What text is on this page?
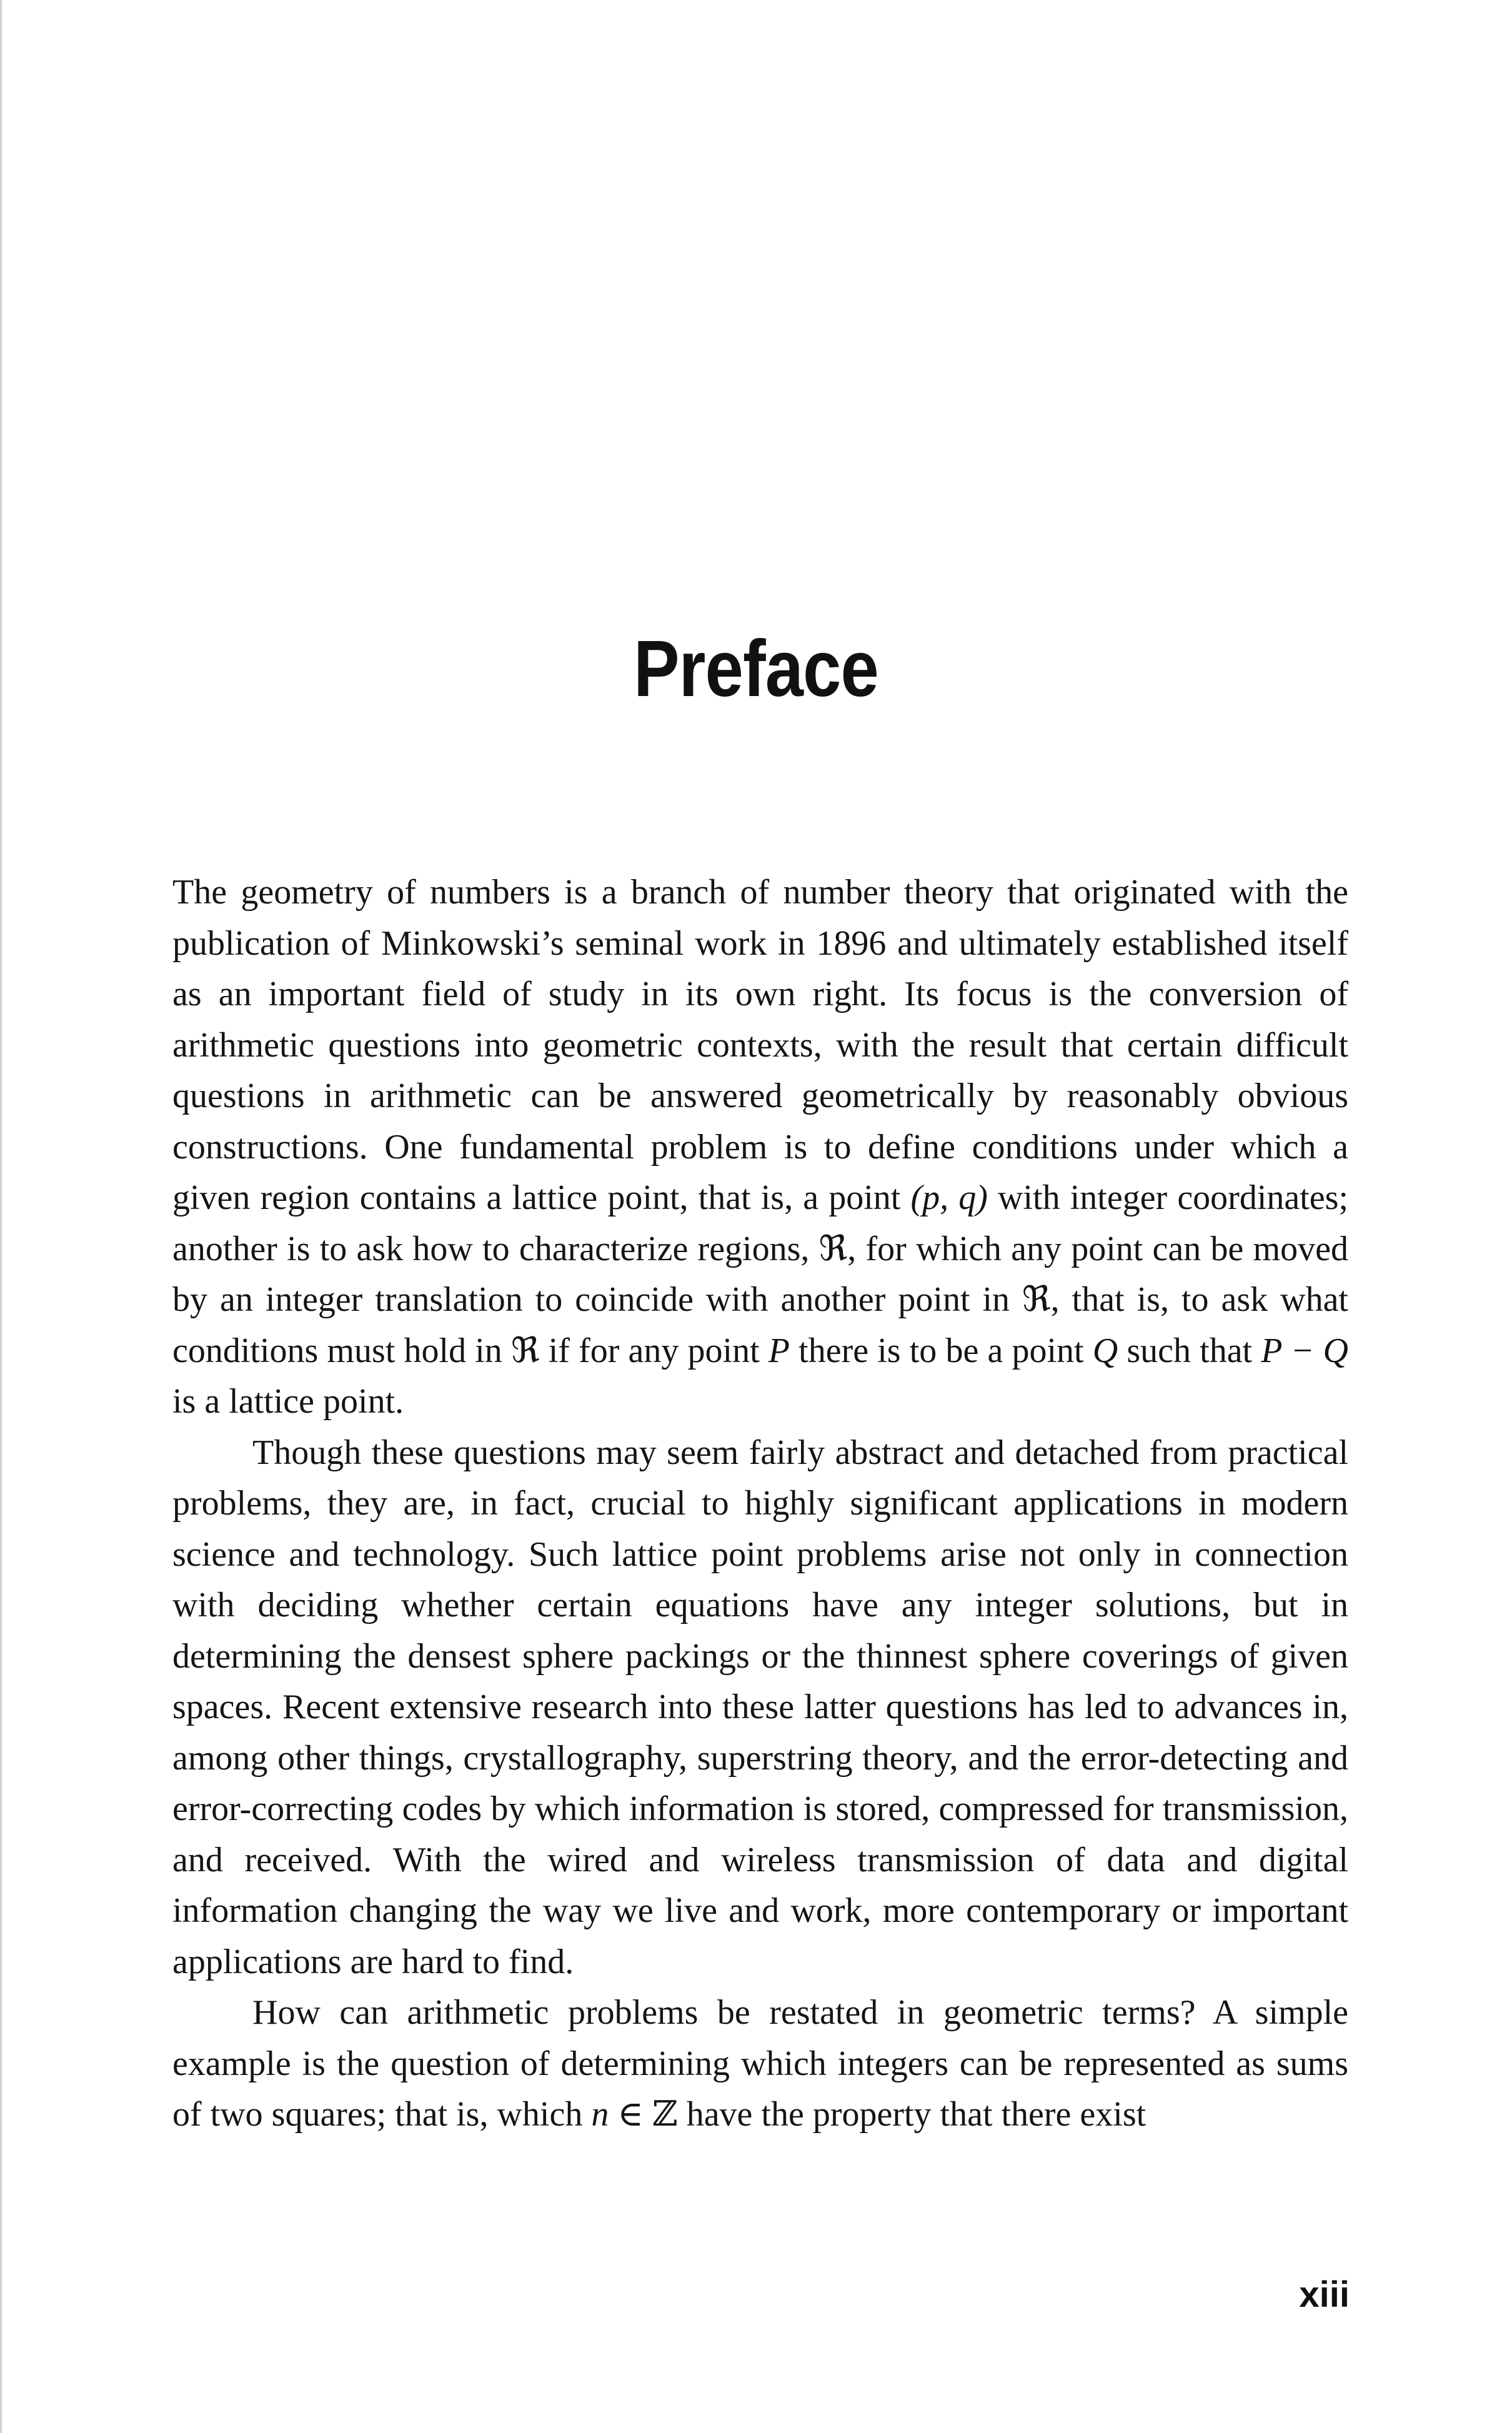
Preface

The geometry of numbers is a branch of number theory that originated with the publication of Minkowski’s seminal work in 1896 and ultimately established itself as an important field of study in its own right. Its focus is the conversion of arithmetic questions into geometric contexts, with the result that certain difficult questions in arithmetic can be answered geometrically by reasonably obvious constructions. One fundamental problem is to define conditions under which a given region contains a lattice point, that is, a point (p, q) with integer coordinates; another is to ask how to characterize regions, ℜ, for which any point can be moved by an integer translation to coincide with another point in ℜ, that is, to ask what conditions must hold in ℜ if for any point P there is to be a point Q such that P − Q is a lattice point.

Though these questions may seem fairly abstract and detached from practical problems, they are, in fact, crucial to highly significant applications in modern science and technology. Such lattice point problems arise not only in connection with deciding whether certain equations have any integer solutions, but in determining the densest sphere packings or the thinnest sphere coverings of given spaces. Recent extensive research into these latter questions has led to advances in, among other things, crystallography, superstring theory, and the error-detecting and error-correcting codes by which information is stored, compressed for transmission, and received. With the wired and wireless transmission of data and digital information changing the way we live and work, more contemporary or important applications are hard to find.

How can arithmetic problems be restated in geometric terms? A simple example is the question of determining which integers can be represented as sums of two squares; that is, which n ∈ ℤ have the property that there exist

xiii
